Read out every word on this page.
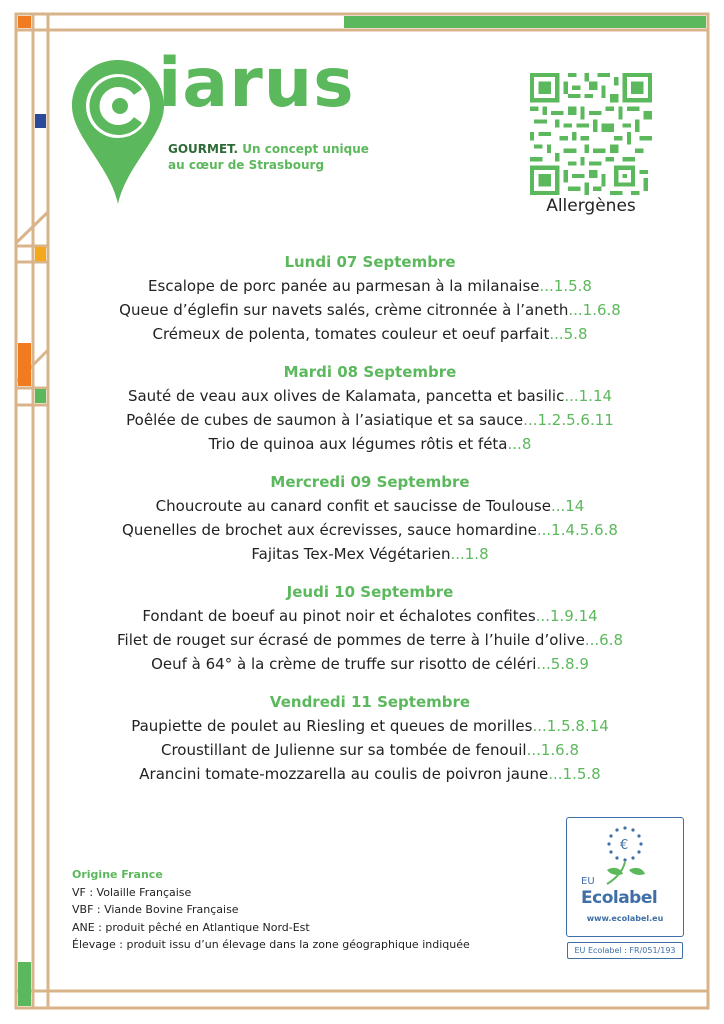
iarus
GOURMET. Un concept unique
au cœur de Strasbourg
Allergènes
Lundi 07 Septembre
Escalope de porc panée au parmesan à la milanaise...1.5.8
Queue d’églefin sur navets salés, crème citronnée à l’aneth...1.6.8
Crémeux de polenta, tomates couleur et oeuf parfait...5.8
Mardi 08 Septembre
Sauté de veau aux olives de Kalamata, pancetta et basilic...1.14
Poêlée de cubes de saumon à l’asiatique et sa sauce...1.2.5.6.11
Trio de quinoa aux légumes rôtis et féta...8
Mercredi 09 Septembre
Choucroute au canard confit et saucisse de Toulouse...14
Quenelles de brochet aux écrevisses, sauce homardine...1.4.5.6.8
Fajitas Tex-Mex Végétarien...1.8
Jeudi 10 Septembre
Fondant de boeuf au pinot noir et échalotes confites...1.9.14
Filet de rouget sur écrasé de pommes de terre à l’huile d’olive...6.8
Oeuf à 64° à la crème de truffe sur risotto de céléri...5.8.9
Vendredi 11 Septembre
Paupiette de poulet au Riesling et queues de morilles...1.5.8.14
Croustillant de Julienne sur sa tombée de fenouil...1.6.8
Arancini tomate-mozzarella au coulis de poivron jaune...1.5.8
Origine France
VF : Volaille Française
VBF : Viande Bovine Française
ANE : produit pêché en Atlantique Nord-Est
Élevage : produit issu d’un élevage dans la zone géographique indiquée
€
EU
Ecolabel
www.ecolabel.eu
EU Ecolabel : FR/051/193
